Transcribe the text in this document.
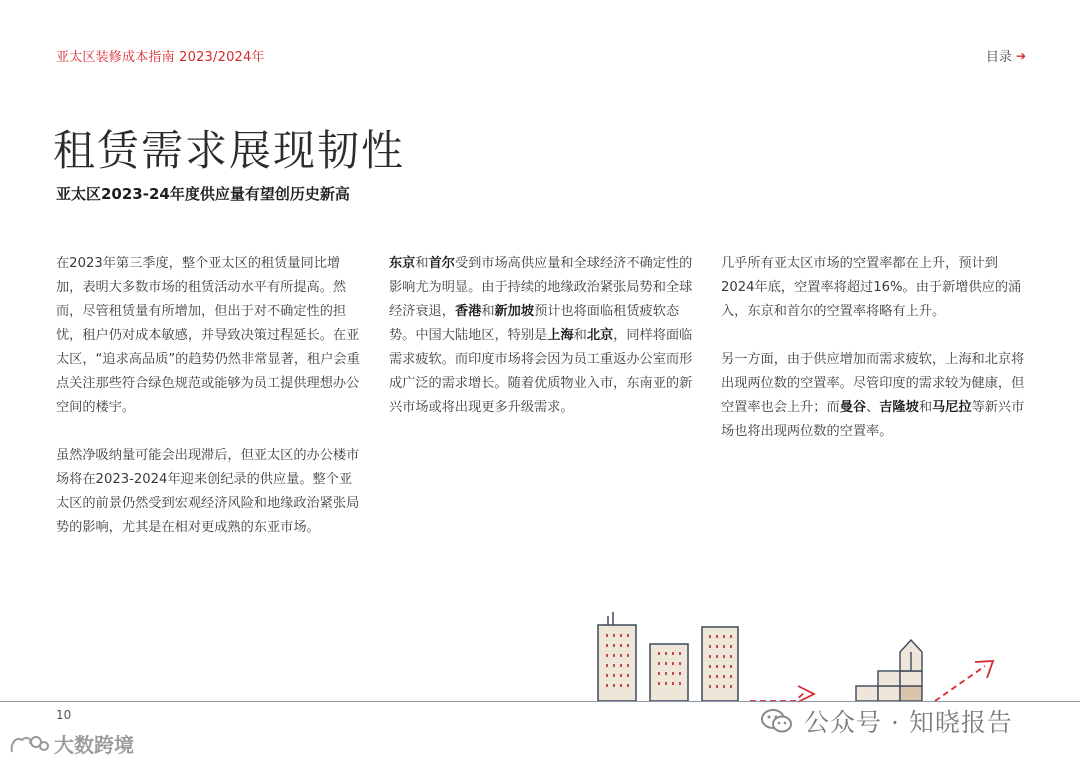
亚太区装修成本指南 2023/2024年	目录 ➔
租赁需求展现韧性
亚太区2023-24年度供应量有望创历史新高

在2023年第三季度，整个亚太区的租赁量同比增加，表明大多数市场的租赁活动水平有所提高。然而，尽管租赁量有所增加，但出于对不确定性的担忧，租户仍对成本敏感，并导致决策过程延长。在亚太区，“追求高品质”的趋势仍然非常显著，租户会重点关注那些符合绿色规范或能够为员工提供理想办公空间的楼宇。

虽然净吸纳量可能会出现滞后，但亚太区的办公楼市场将在2023-2024年迎来创纪录的供应量。整个亚太区的前景仍然受到宏观经济风险和地缘政治紧张局势的影响，尤其是在相对更成熟的东亚市场。

东京和首尔受到市场高供应量和全球经济不确定性的影响尤为明显。由于持续的地缘政治紧张局势和全球经济衰退，香港和新加坡预计也将面临租赁疲软态势。中国大陆地区，特别是上海和北京，同样将面临需求疲软。而印度市场将会因为员工重返办公室而形成广泛的需求增长。随着优质物业入市，东南亚的新兴市场或将出现更多升级需求。

几乎所有亚太区市场的空置率都在上升，预计到2024年底，空置率将超过16%。由于新增供应的涌入，东京和首尔的空置率将略有上升。

另一方面，由于供应增加而需求疲软，上海和北京将出现两位数的空置率。尽管印度的需求较为健康，但空置率也会上升；而曼谷、吉隆坡和马尼拉等新兴市场也将出现两位数的空置率。

10	公众号 · 知晓报告
大数跨境
